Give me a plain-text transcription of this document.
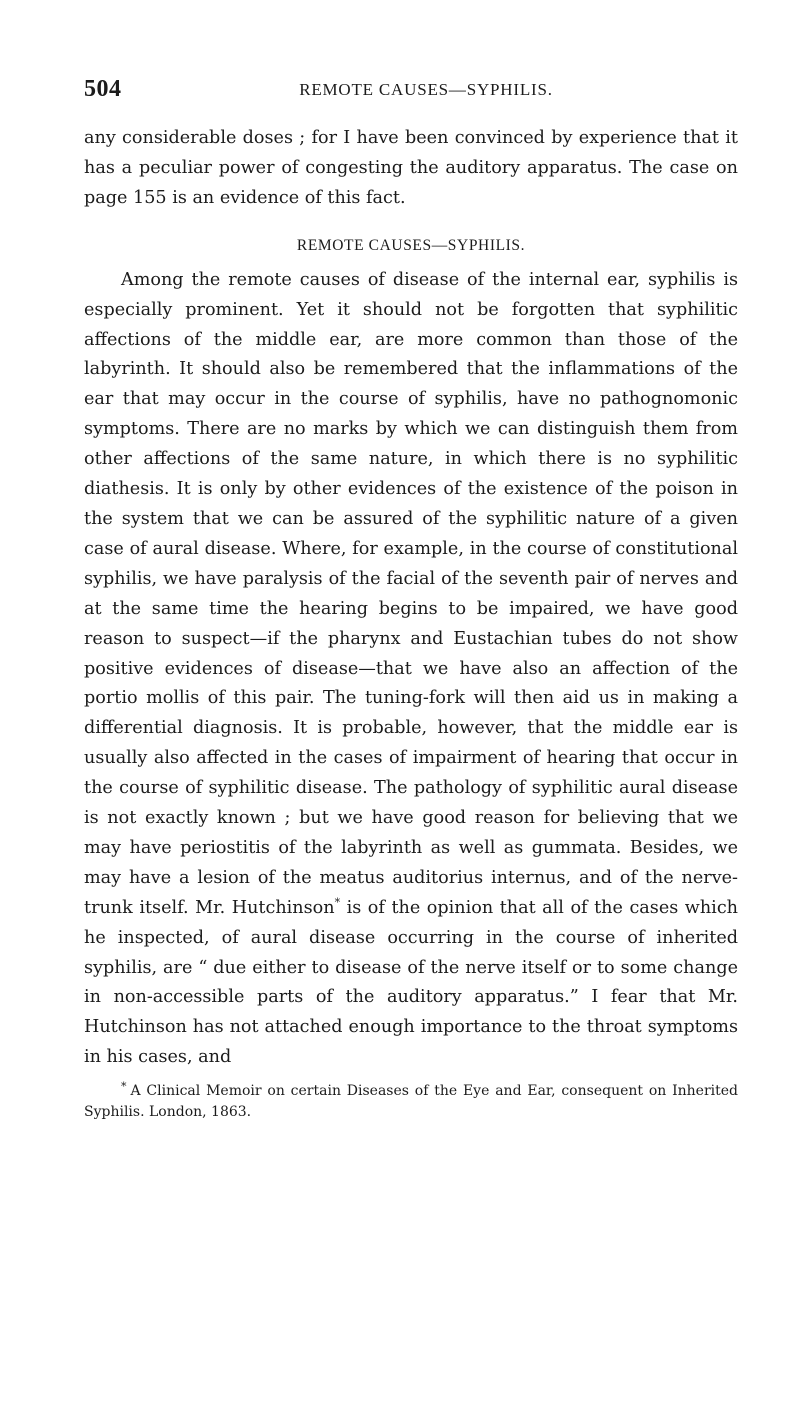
504	REMOTE CAUSES—SYPHILIS.

any considerable doses ; for I have been convinced by experience that it has a peculiar power of congesting the auditory apparatus. The case on page 155 is an evidence of this fact.

REMOTE CAUSES—SYPHILIS.

Among the remote causes of disease of the internal ear, syphilis is especially prominent. Yet it should not be forgotten that syphilitic affections of the middle ear, are more common than those of the labyrinth. It should also be remembered that the inflammations of the ear that may occur in the course of syphilis, have no pathognomonic symptoms. There are no marks by which we can distinguish them from other affections of the same nature, in which there is no syphilitic diathesis. It is only by other evidences of the existence of the poison in the system that we can be assured of the syphilitic nature of a given case of aural disease. Where, for example, in the course of constitutional syphilis, we have paralysis of the facial of the seventh pair of nerves and at the same time the hearing begins to be impaired, we have good reason to suspect—if the pharynx and Eustachian tubes do not show positive evidences of disease—that we have also an affection of the portio mollis of this pair. The tuning-fork will then aid us in making a differential diagnosis. It is probable, however, that the middle ear is usually also affected in the cases of impairment of hearing that occur in the course of syphilitic disease. The pathology of syphilitic aural disease is not exactly known ; but we have good reason for believing that we may have periostitis of the labyrinth as well as gummata. Besides, we may have a lesion of the meatus auditorius internus, and of the nerve-trunk itself. Mr. Hutchinson* is of the opinion that all of the cases which he inspected, of aural disease occurring in the course of inherited syphilis, are “ due either to disease of the nerve itself or to some change in non-accessible parts of the auditory apparatus.” I fear that Mr. Hutchinson has not attached enough importance to the throat symptoms in his cases, and

* A Clinical Memoir on certain Diseases of the Eye and Ear, consequent on Inherited Syphilis. London, 1863.
